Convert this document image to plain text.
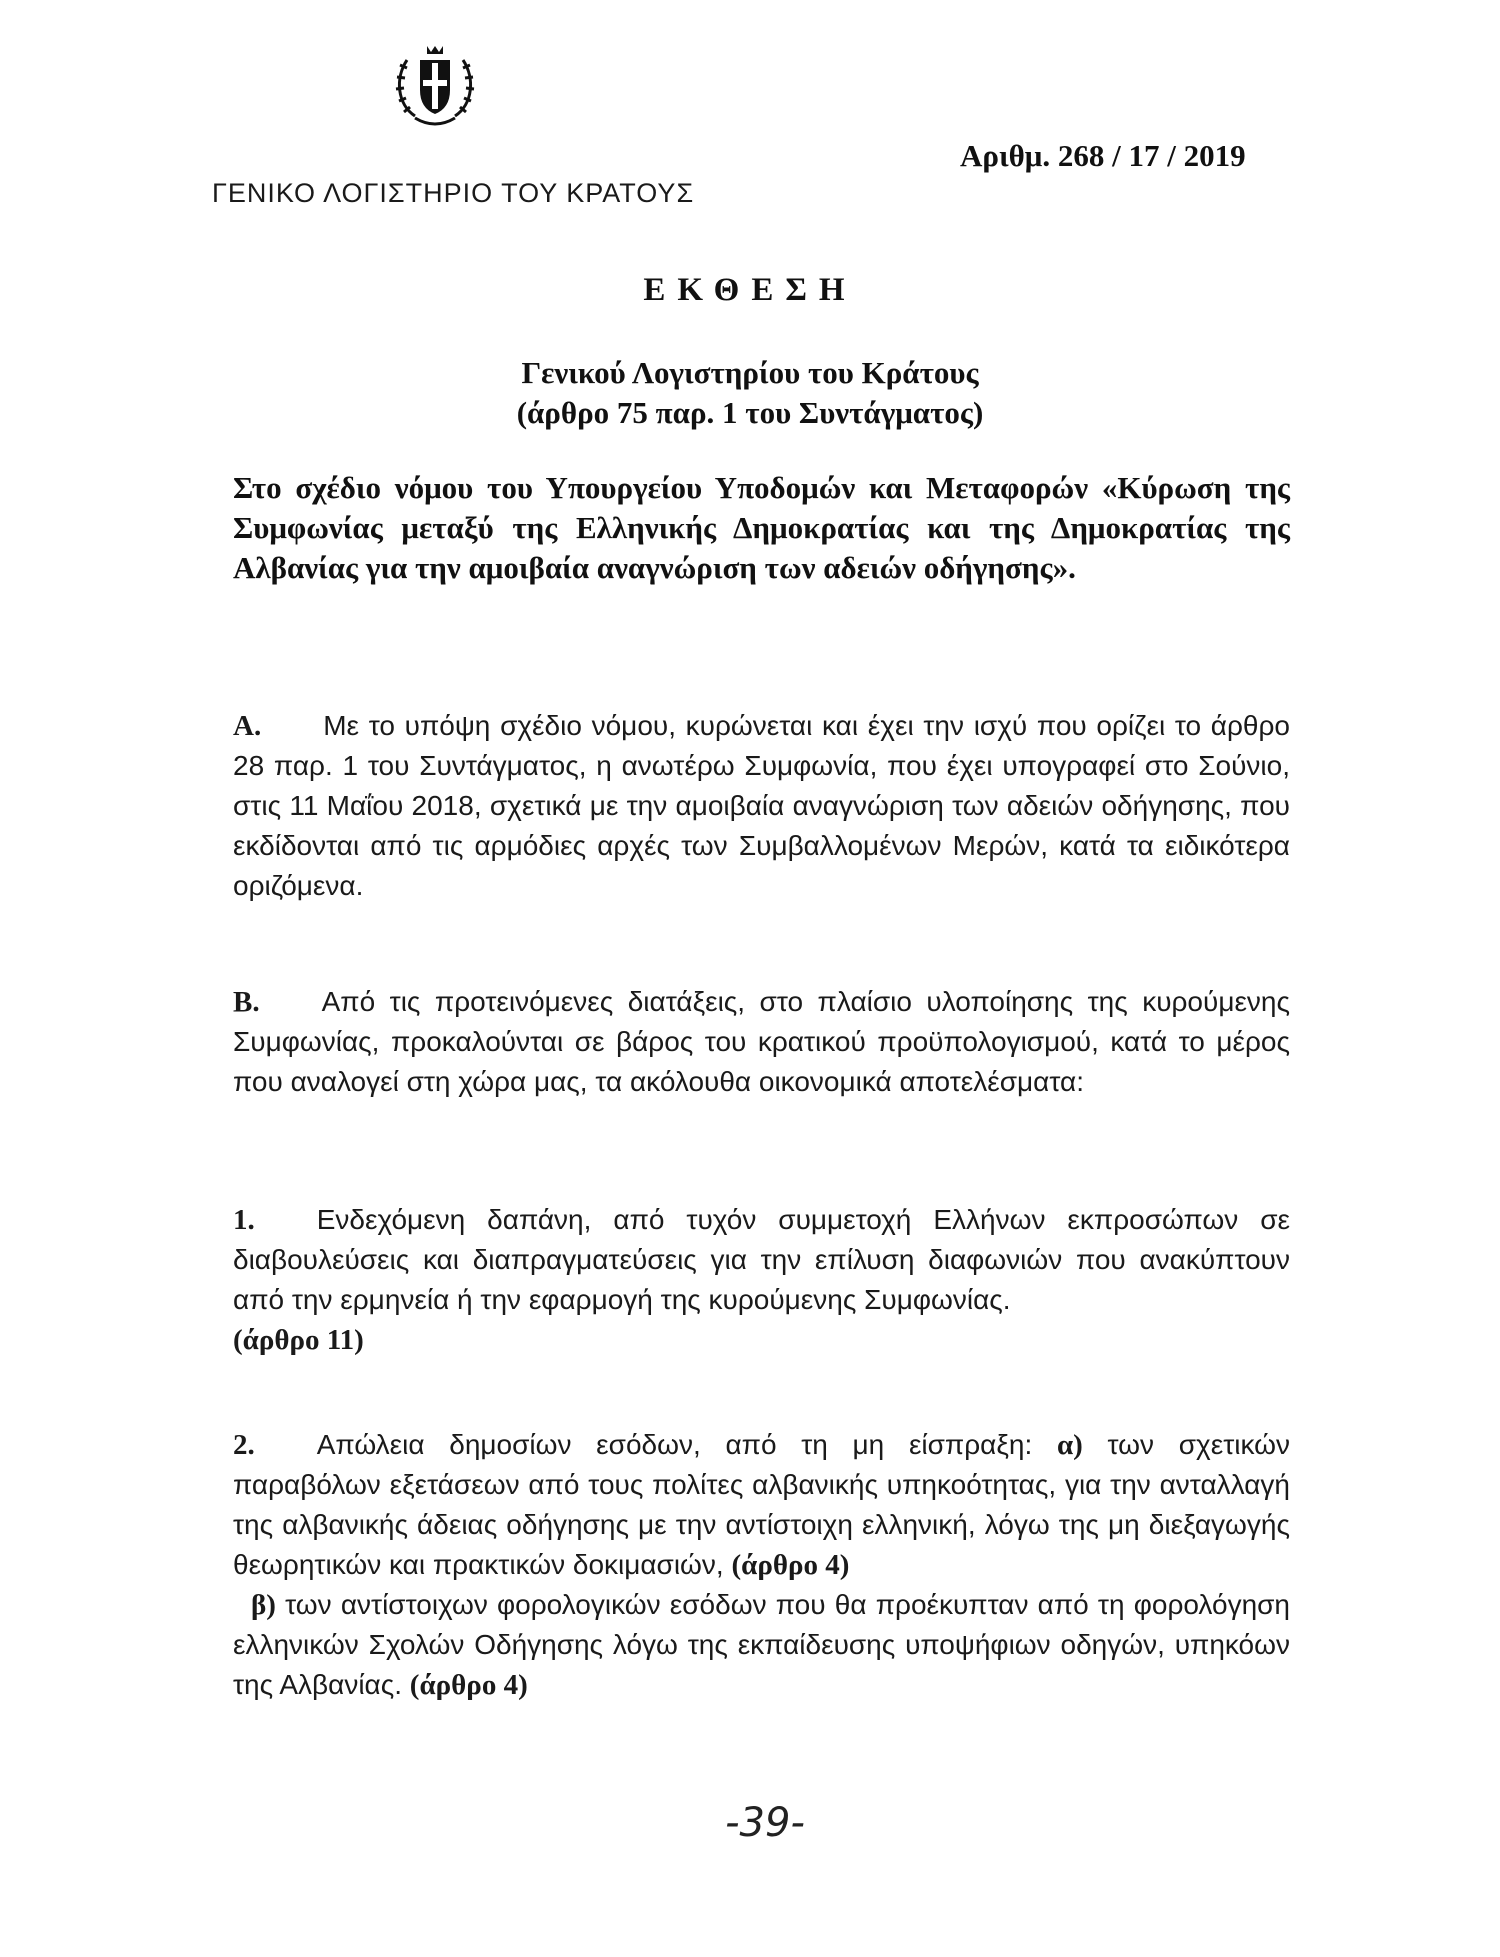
ΓΕΝΙΚΟ ΛΟΓΙΣΤΗΡΙΟ ΤΟΥ ΚΡΑΤΟΥΣ
Αριθμ. 268 / 17 / 2019
ΕΚΘΕΣΗ
Γενικού Λογιστηρίου του Κράτους
(άρθρο 75 παρ. 1 του Συντάγματος)
Στο σχέδιο νόμου του Υπουργείου Υποδομών και Μεταφορών «Κύρωση της Συμφωνίας μεταξύ της Ελληνικής Δημοκρατίας και της Δημοκρατίας της Αλβανίας για την αμοιβαία αναγνώριση των αδειών οδήγησης».
Α. Με το υπόψη σχέδιο νόμου, κυρώνεται και έχει την ισχύ που ορίζει το άρθρο 28 παρ. 1 του Συντάγματος, η ανωτέρω Συμφωνία, που έχει υπογραφεί στο Σούνιο, στις 11 Μαΐου 2018, σχετικά με την αμοιβαία αναγνώριση των αδειών οδήγησης, που εκδίδονται από τις αρμόδιες αρχές των Συμβαλλομένων Μερών, κατά τα ειδικότερα οριζόμενα.
Β. Από τις προτεινόμενες διατάξεις, στο πλαίσιο υλοποίησης της κυρούμενης Συμφωνίας, προκαλούνται σε βάρος του κρατικού προϋπολογισμού, κατά το μέρος που αναλογεί στη χώρα μας, τα ακόλουθα οικονομικά αποτελέσματα:
1. Ενδεχόμενη δαπάνη, από τυχόν συμμετοχή Ελλήνων εκπροσώπων σε διαβουλεύσεις και διαπραγματεύσεις για την επίλυση διαφωνιών που ανακύπτουν από την ερμηνεία ή την εφαρμογή της κυρούμενης Συμφωνίας.
(άρθρο 11)
2. Απώλεια δημοσίων εσόδων, από τη μη είσπραξη: α) των σχετικών παραβόλων εξετάσεων από τους πολίτες αλβανικής υπηκοότητας, για την ανταλλαγή της αλβανικής άδειας οδήγησης με την αντίστοιχη ελληνική, λόγω της μη διεξαγωγής θεωρητικών και πρακτικών δοκιμασιών, (άρθρο 4)
β) των αντίστοιχων φορολογικών εσόδων που θα προέκυπταν από τη φορολόγηση ελληνικών Σχολών Οδήγησης λόγω της εκπαίδευσης υποψήφιων οδηγών, υπηκόων της Αλβανίας. (άρθρο 4)
-39-
